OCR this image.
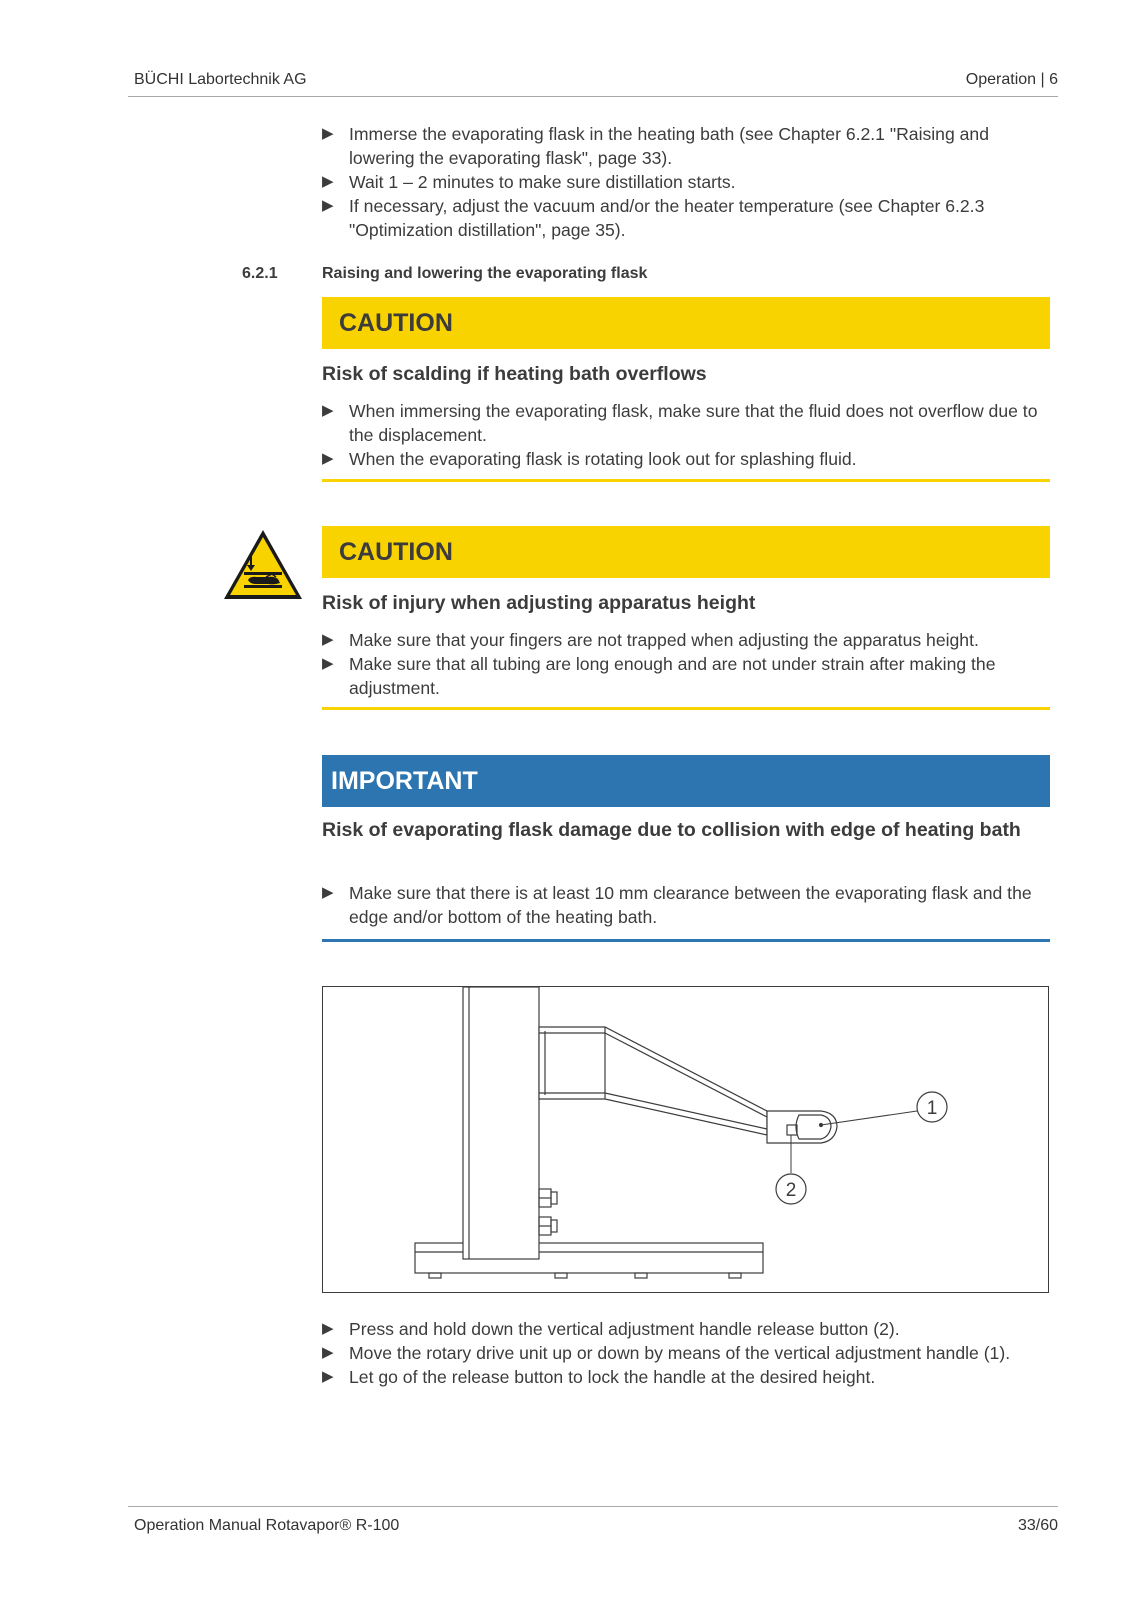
BÜCHI Labortechnik AG	Operation | 6
▶ Immerse the evaporating flask in the heating bath (see Chapter 6.2.1 "Raising and lowering the evaporating flask", page 33).
▶ Wait 1 – 2 minutes to make sure distillation starts.
▶ If necessary, adjust the vacuum and/or the heater temperature (see Chapter 6.2.3 "Optimization distillation", page 35).
6.2.1	Raising and lowering the evaporating flask
CAUTION
Risk of scalding if heating bath overflows
▶ When immersing the evaporating flask, make sure that the fluid does not overflow due to the displacement.
▶ When the evaporating flask is rotating look out for splashing fluid.
CAUTION
Risk of injury when adjusting apparatus height
▶ Make sure that your fingers are not trapped when adjusting the apparatus height.
▶ Make sure that all tubing are long enough and are not under strain after making the adjustment.
IMPORTANT
Risk of evaporating flask damage due to collision with edge of heating bath
▶ Make sure that there is at least 10 mm clearance between the evaporating flask and the edge and/or bottom of the heating bath.
1
2
▶ Press and hold down the vertical adjustment handle release button (2).
▶ Move the rotary drive unit up or down by means of the vertical adjustment handle (1).
▶ Let go of the release button to lock the handle at the desired height.
Operation Manual Rotavapor® R-100	33/60
